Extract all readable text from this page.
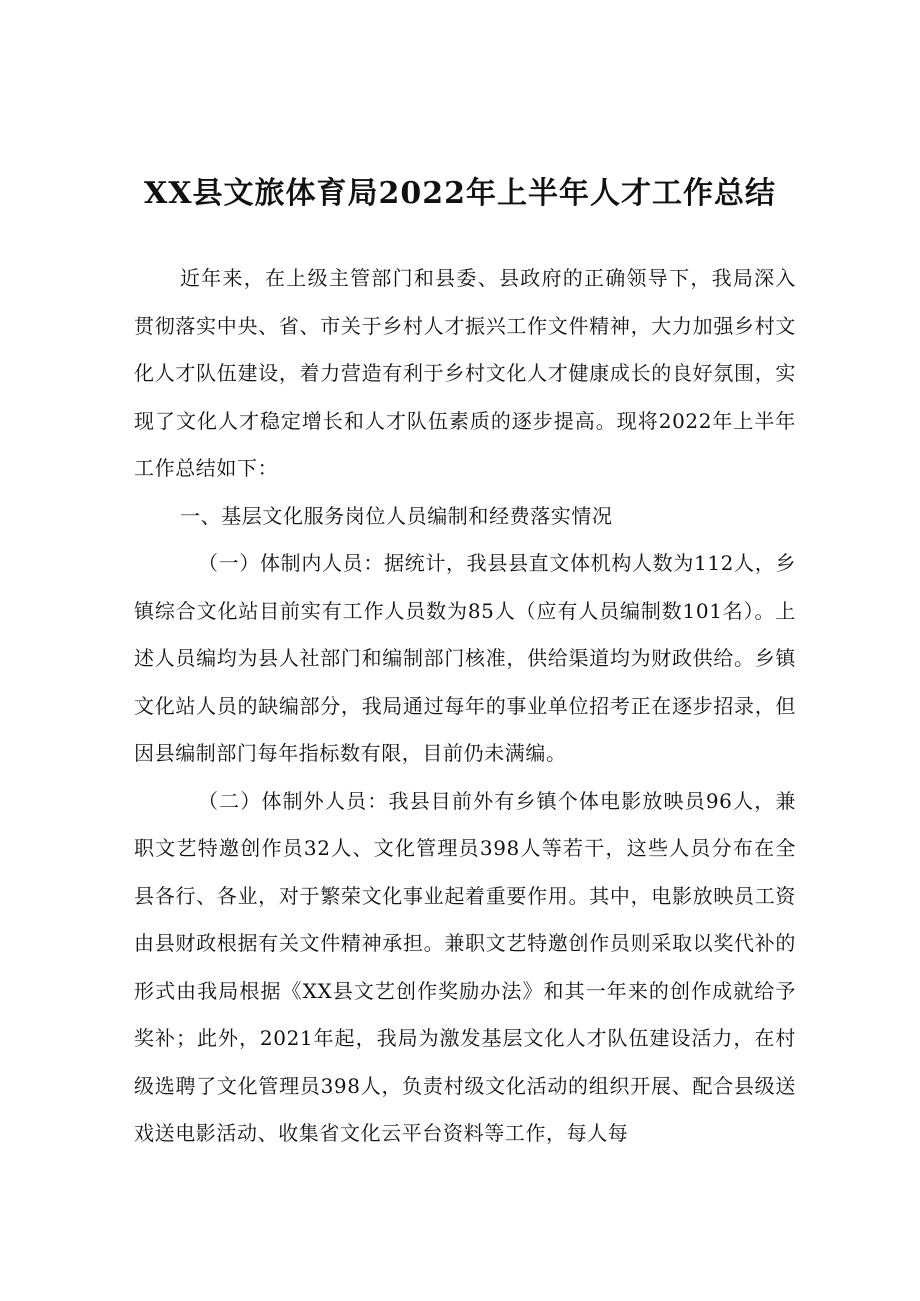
XX县文旅体育局2022年上半年人才工作总结

近年来，在上级主管部门和县委、县政府的正确领导下，我局深入贯彻落实中央、省、市关于乡村人才振兴工作文件精神，大力加强乡村文化人才队伍建设，着力营造有利于乡村文化人才健康成长的良好氛围，实现了文化人才稳定增长和人才队伍素质的逐步提高。现将2022年上半年工作总结如下：

一、基层文化服务岗位人员编制和经费落实情况

（一）体制内人员：据统计，我县县直文体机构人数为112人，乡镇综合文化站目前实有工作人员数为85人（应有人员编制数101名）。上述人员编均为县人社部门和编制部门核准，供给渠道均为财政供给。乡镇文化站人员的缺编部分，我局通过每年的事业单位招考正在逐步招录，但因县编制部门每年指标数有限，目前仍未满编。

（二）体制外人员：我县目前外有乡镇个体电影放映员96人，兼职文艺特邀创作员32人、文化管理员398人等若干，这些人员分布在全县各行、各业，对于繁荣文化事业起着重要作用。其中，电影放映员工资由县财政根据有关文件精神承担。兼职文艺特邀创作员则采取以奖代补的形式由我局根据《XX县文艺创作奖励办法》和其一年来的创作成就给予奖补；此外，2021年起，我局为激发基层文化人才队伍建设活力，在村级选聘了文化管理员398人，负责村级文化活动的组织开展、配合县级送戏送电影活动、收集省文化云平台资料等工作，每人每
